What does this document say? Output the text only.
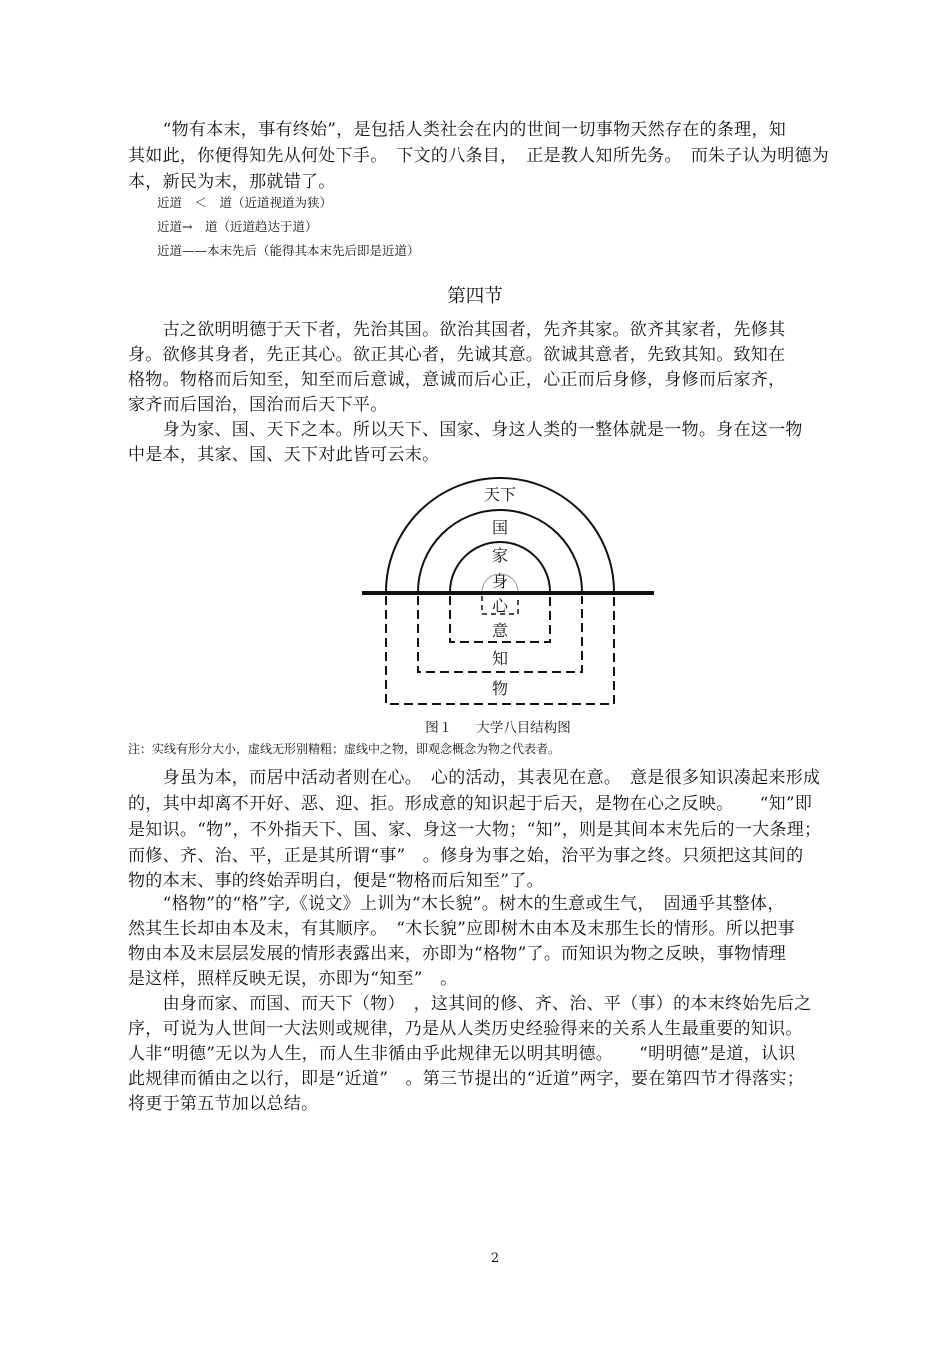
　　“物有本末，事有终始”，是包括人类社会在内的世间一切事物天然存在的条理，知
其如此，你便得知先从何处下手。　下文的八条目，　正是教人知所先务。　而朱子认为明德为
本，新民为末，那就错了。
近道　＜　道（近道视道为狭）
近道→　道（近道趋达于道）
近道——本末先后（能得其本末先后即是近道）
第四节
　　古之欲明明德于天下者，先治其国。欲治其国者，先齐其家。欲齐其家者，先修其
身。欲修其身者，先正其心。欲正其心者，先诚其意。欲诚其意者，先致其知。致知在
格物。物格而后知至，知至而后意诚，意诚而后心正，心正而后身修，身修而后家齐，
家齐而后国治，国治而后天下平。
　　身为家、国、天下之本。所以天下、国家、身这人类的一整体就是一物。身在这一物
中是本，其家、国、天下对此皆可云末。
天下
国
家
身
心
意
知
物
图１ 大学八目结构图
注：实线有形分大小，虚线无形别精粗；虚线中之物，即观念概念为物之代表者。
　　身虽为本，而居中活动者则在心。　心的活动，其表见在意。　意是很多知识凑起来形成
的，其中却离不开好、恶、迎、拒。形成意的知识起于后天，是物在心之反映。　　“知”即
是知识。“物”，不外指天下、国、家、身这一大物；“知”，则是其间本末先后的一大条理；
而修、齐、治、平，正是其所谓“事”　。修身为事之始，治平为事之终。只须把这其间的
物的本末、事的终始弄明白，便是“物格而后知至”了。
　　“格物”的“格”字,《说文》上训为“木长貌”。树木的生意或生气，　固通乎其整体，
然其生长却由本及末，有其顺序。　“木长貌”应即树木由本及末那生长的情形。所以把事
物由本及末层层发展的情形表露出来，亦即为“格物”了。而知识为物之反映，事物情理
是这样，照样反映无误，亦即为“知至”　。
　　由身而家、而国、而天下（物）　，这其间的修、齐、治、平（事）的本末终始先后之
序，可说为人世间一大法则或规律，乃是从人类历史经验得来的关系人生最重要的知识。
人非“明德”无以为人生，而人生非循由乎此规律无以明其明德。　　“明明德”是道，认识
此规律而循由之以行，即是“近道”　。第三节提出的“近道”两字，要在第四节才得落实；
将更于第五节加以总结。
2
